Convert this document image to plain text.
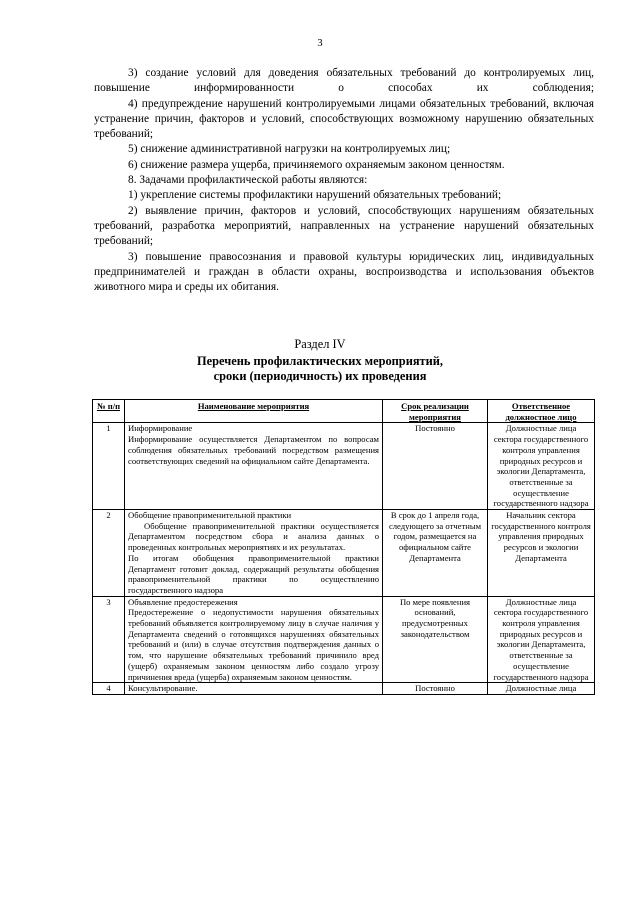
3

3) создание условий для доведения обязательных требований до контролируемых лиц, повышение информированности о способах их соблюдения;

4) предупреждение нарушений контролируемыми лицами обязательных требований, включая устранение причин, факторов и условий, способствующих возможному нарушению обязательных требований;

5) снижение административной нагрузки на контролируемых лиц;

6) снижение размера ущерба, причиняемого охраняемым законом ценностям.

8. Задачами профилактической работы являются:

1) укрепление системы профилактики нарушений обязательных требований;

2) выявление причин, факторов и условий, способствующих нарушениям обязательных требований, разработка мероприятий, направленных на устранение нарушений обязательных требований;

3) повышение правосознания и правовой культуры юридических лиц, индивидуальных предпринимателей и граждан в области охраны, воспроизводства и использования объектов животного мира и среды их обитания.

Раздел IV
Перечень профилактических мероприятий,
сроки (периодичность) их проведения
№ п/п	Наименование мероприятия	Срок реализации мероприятия	Ответственное должностное лицо
1	Информирование

Информирование осуществляется Департаментом по вопросам соблюдения обязательных требований посредством размещения соответствующих сведений на официальном сайте Департамента.	Постоянно	Должностные лица сектора государственного контроля управления природных ресурсов и экологии Департамента, ответственные за осуществление государственного надзора
2	Обобщение правоприменительной практики

Обобщение правоприменительной практики осуществляется Департаментом посредством сбора и анализа данных о проведенных контрольных мероприятиях и их результатах.

По итогам обобщения правоприменительной практики Департамент готовит доклад, содержащий результаты обобщения правоприменительной практики по осуществлению государственного надзора	В срок до 1 апреля года, следующего за отчетным годом, размещается на официальном сайте Департамента	Начальник сектора государственного контроля управления природных ресурсов и экологии Департамента
3	Объявление предостережения

Предостережение о недопустимости нарушения обязательных требований объявляется контролируемому лицу в случае наличия у Департамента сведений о готовящихся нарушениях обязательных требований и (или) в случае отсутствия подтверждения данных о том, что нарушение обязательных требований причинило вред (ущерб) охраняемым законом ценностям либо создало угрозу причинения вреда (ущерба) охраняемым законом ценностям.	По мере появления оснований, предусмотренных законодательством	Должностные лица сектора государственного контроля управления природных ресурсов и экологии Департамента, ответственные за осуществление государственного надзора
4	Консультирование.	Постоянно	Должностные лица
